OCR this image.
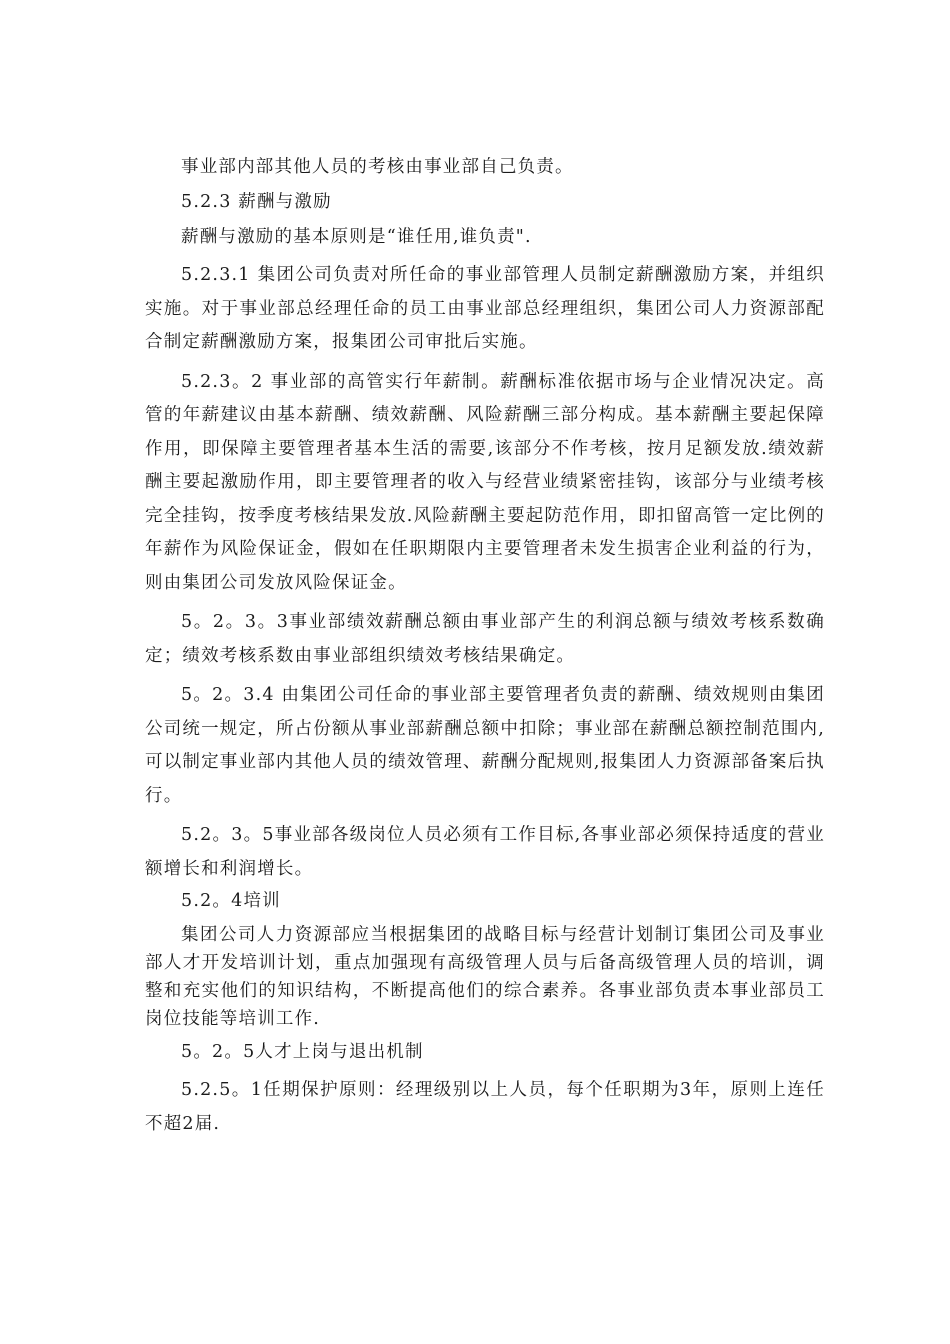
事业部内部其他人员的考核由事业部自己负责。

5.2.3 薪酬与激励

薪酬与激励的基本原则是“谁任用,谁负责".

5.2.3.1 集团公司负责对所任命的事业部管理人员制定薪酬激励方案，并组织实施。对于事业部总经理任命的员工由事业部总经理组织，集团公司人力资源部配合制定薪酬激励方案，报集团公司审批后实施。

5.2.3。2 事业部的高管实行年薪制。薪酬标准依据市场与企业情况决定。高管的年薪建议由基本薪酬、绩效薪酬、风险薪酬三部分构成。基本薪酬主要起保障作用，即保障主要管理者基本生活的需要,该部分不作考核，按月足额发放.绩效薪酬主要起激励作用，即主要管理者的收入与经营业绩紧密挂钩，该部分与业绩考核完全挂钩，按季度考核结果发放.风险薪酬主要起防范作用，即扣留高管一定比例的年薪作为风险保证金，假如在任职期限内主要管理者未发生损害企业利益的行为，则由集团公司发放风险保证金。

5。2。3。3事业部绩效薪酬总额由事业部产生的利润总额与绩效考核系数确定；绩效考核系数由事业部组织绩效考核结果确定。

5。2。3.4 由集团公司任命的事业部主要管理者负责的薪酬、绩效规则由集团公司统一规定，所占份额从事业部薪酬总额中扣除；事业部在薪酬总额控制范围内,可以制定事业部内其他人员的绩效管理、薪酬分配规则,报集团人力资源部备案后执行。

5.2。3。5事业部各级岗位人员必须有工作目标,各事业部必须保持适度的营业额增长和利润增长。

5.2。4培训

集团公司人力资源部应当根据集团的战略目标与经营计划制订集团公司及事业部人才开发培训计划，重点加强现有高级管理人员与后备高级管理人员的培训，调整和充实他们的知识结构，不断提高他们的综合素养。各事业部负责本事业部员工岗位技能等培训工作.

5。2。5人才上岗与退出机制

5.2.5。1任期保护原则：经理级别以上人员，每个任职期为3年，原则上连任不超2届.
